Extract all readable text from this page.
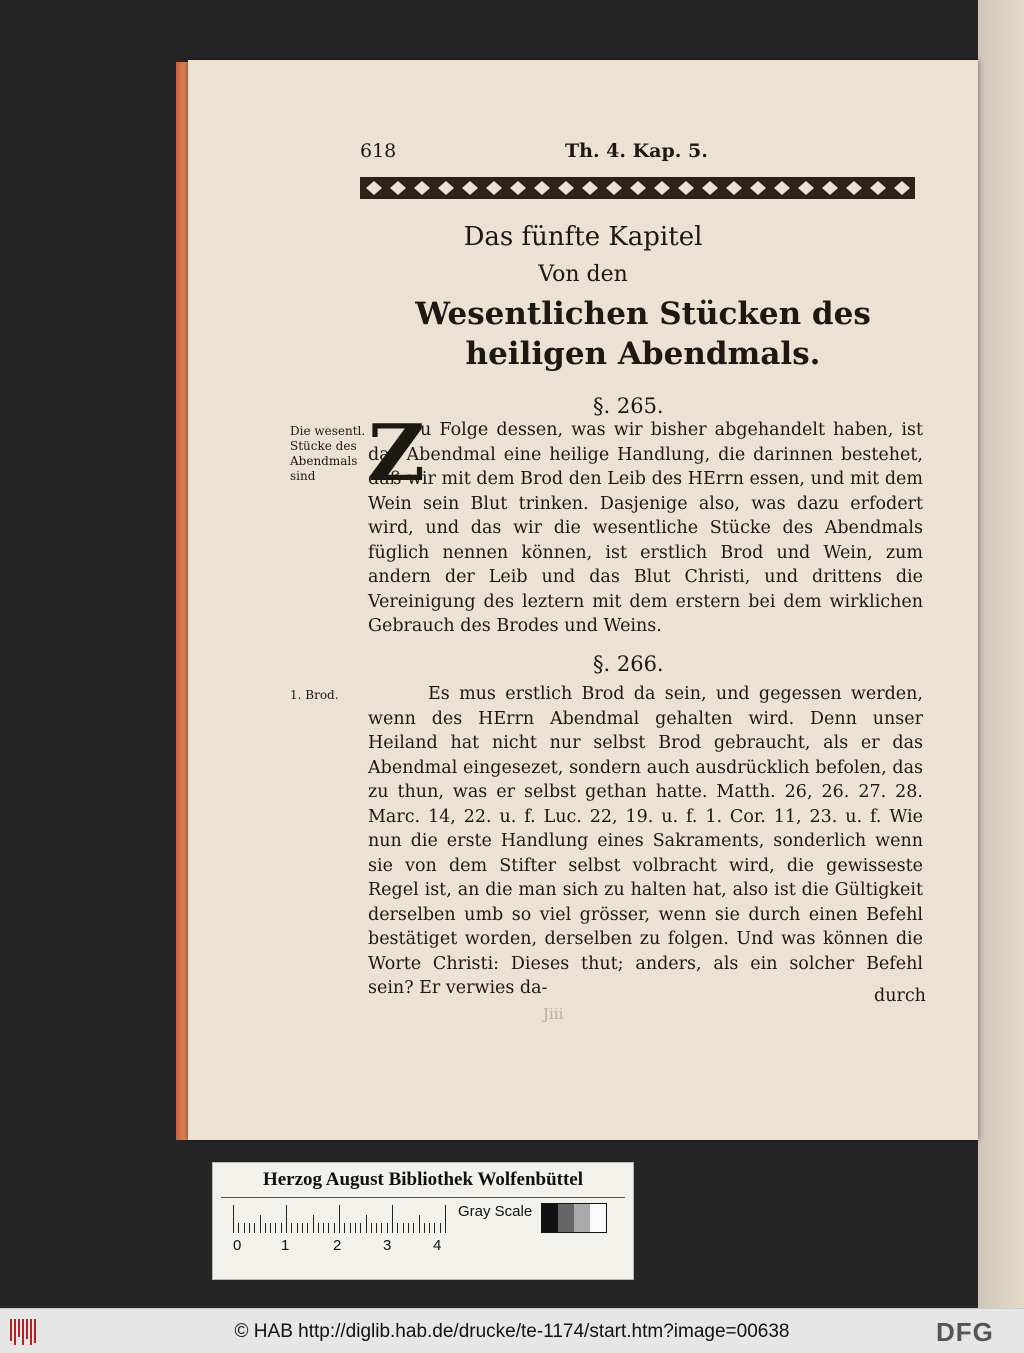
618	Th. 4. Kap. 5.
Das fünfte Kapitel
Von den
Wesentlichen Stücken des heiligen Abendmals.
§. 265.
Die wesentl. Stücke des Abendmals sind Z
u Folge dessen, was wir bisher abgehandelt haben, ist das Abendmal eine heilige Handlung, die darinnen bestehet, daß wir mit dem Brod den Leib des HErrn essen, und mit dem Wein sein Blut trinken. Dasjenige also, was dazu erfodert wird, und das wir die wesentliche Stücke des Abendmals füglich nennen können, ist erstlich Brod und Wein, zum andern der Leib und das Blut Christi, und drittens die Vereinigung des leztern mit dem erstern bei dem wirklichen Gebrauch des Brodes und Weins.
§. 266.
1. Brod.	Es mus erstlich Brod da sein, und gegessen werden, wenn des HErrn Abendmal gehalten wird. Denn unser Heiland hat nicht nur selbst Brod gebraucht, als er das Abendmal eingesezet, sondern auch ausdrücklich befolen, das zu thun, was er selbst gethan hatte. Matth. 26, 26. 27. 28. Marc. 14, 22. u. f. Luc. 22, 19. u. f. 1. Cor. 11, 23. u. f. Wie nun die erste Handlung eines Sakraments, sonderlich wenn sie von dem Stifter selbst volbracht wird, die gewisseste Regel ist, an die man sich zu halten hat, also ist die Gültigkeit derselben umb so viel grösser, wenn sie durch einen Befehl bestätiget worden, derselben zu folgen. Und was können die Worte Christi: Dieses thut; anders, als ein solcher Befehl sein? Er verwies da-	durch
Jiii
Herzog August Bibliothek Wolfenbüttel
0	1	2	3	4
Gray Scale
© HAB http://diglib.hab.de/drucke/te-1174/start.htm?image=00638	DFG
